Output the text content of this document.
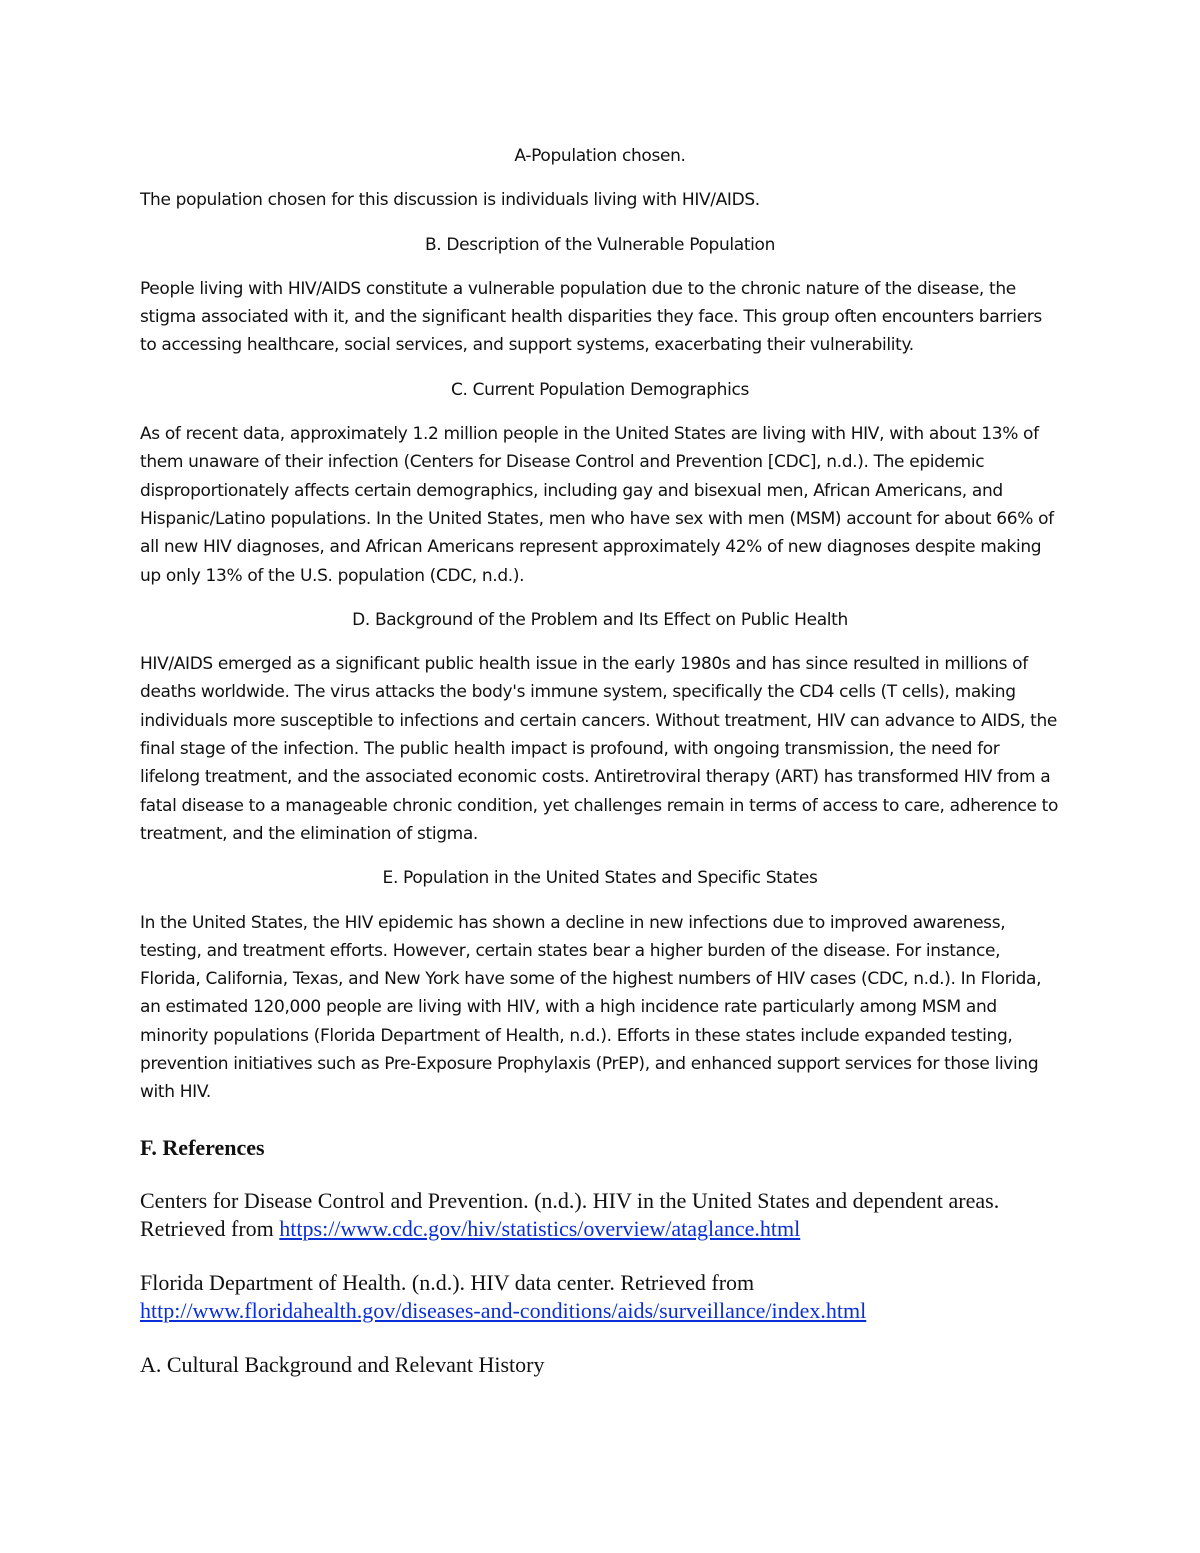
A-Population chosen.
The population chosen for this discussion is individuals living with HIV/AIDS.
B. Description of the Vulnerable Population
People living with HIV/AIDS constitute a vulnerable population due to the chronic nature of the disease, the stigma associated with it, and the significant health disparities they face. This group often encounters barriers to accessing healthcare, social services, and support systems, exacerbating their vulnerability.
C. Current Population Demographics
As of recent data, approximately 1.2 million people in the United States are living with HIV, with about 13% of them unaware of their infection (Centers for Disease Control and Prevention [CDC], n.d.). The epidemic disproportionately affects certain demographics, including gay and bisexual men, African Americans, and Hispanic/Latino populations. In the United States, men who have sex with men (MSM) account for about 66% of all new HIV diagnoses, and African Americans represent approximately 42% of new diagnoses despite making up only 13% of the U.S. population (CDC, n.d.).
D. Background of the Problem and Its Effect on Public Health
HIV/AIDS emerged as a significant public health issue in the early 1980s and has since resulted in millions of deaths worldwide. The virus attacks the body's immune system, specifically the CD4 cells (T cells), making individuals more susceptible to infections and certain cancers. Without treatment, HIV can advance to AIDS, the final stage of the infection. The public health impact is profound, with ongoing transmission, the need for lifelong treatment, and the associated economic costs. Antiretroviral therapy (ART) has transformed HIV from a fatal disease to a manageable chronic condition, yet challenges remain in terms of access to care, adherence to treatment, and the elimination of stigma.
E. Population in the United States and Specific States
In the United States, the HIV epidemic has shown a decline in new infections due to improved awareness, testing, and treatment efforts. However, certain states bear a higher burden of the disease. For instance, Florida, California, Texas, and New York have some of the highest numbers of HIV cases (CDC, n.d.). In Florida, an estimated 120,000 people are living with HIV, with a high incidence rate particularly among MSM and minority populations (Florida Department of Health, n.d.). Efforts in these states include expanded testing, prevention initiatives such as Pre-Exposure Prophylaxis (PrEP), and enhanced support services for those living with HIV.
F. References
Centers for Disease Control and Prevention. (n.d.). HIV in the United States and dependent areas. Retrieved from https://www.cdc.gov/hiv/statistics/overview/ataglance.html
Florida Department of Health. (n.d.). HIV data center. Retrieved from
http://www.floridahealth.gov/diseases-and-conditions/aids/surveillance/index.html
A. Cultural Background and Relevant History
